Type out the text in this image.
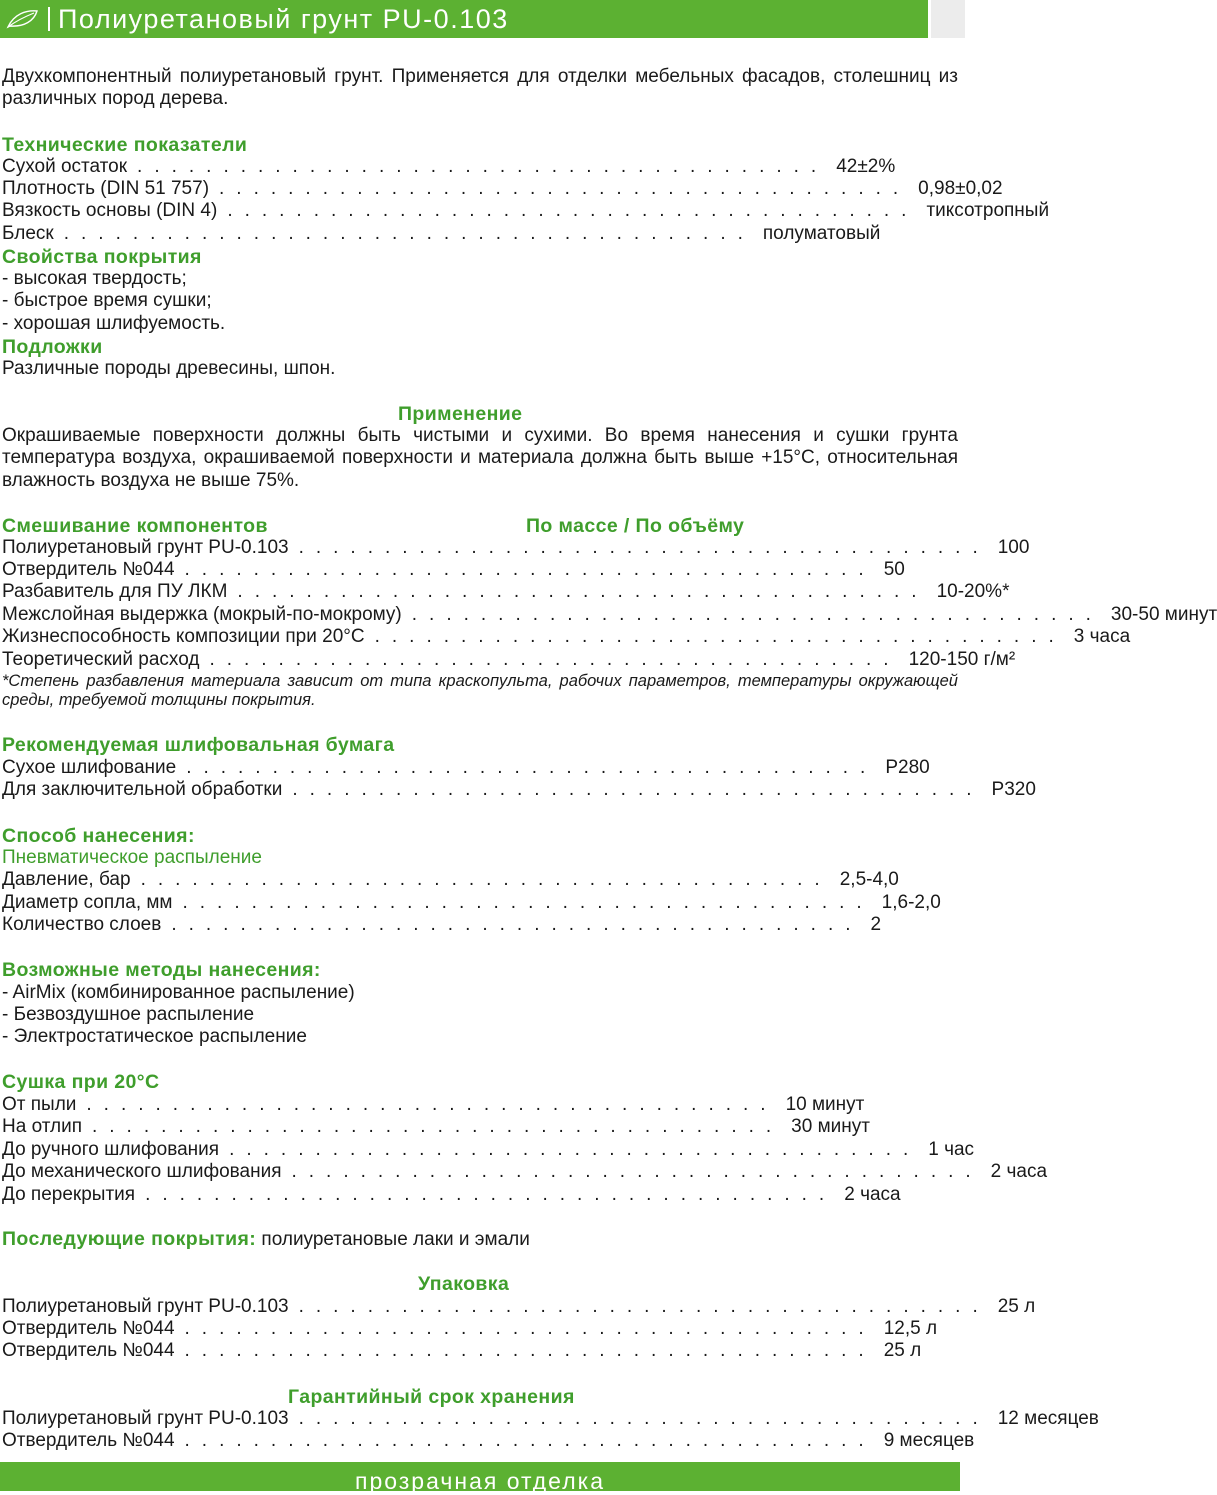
Полиуретановый грунт PU-0.103
Двухкомпонентный полиуретановый грунт. Применяется для отделки мебельных фасадов, столешниц из различных пород дерева.
Технические показатели
Сухой остаток ........................................ 42±2%
Плотность (DIN 51 757) ........................................ 0,98±0,02
Вязкость основы (DIN 4) ........................................ тиксотропный
Блеск ........................................ полуматовый
Свойства покрытия
- высокая твердость;
- быстрое время сушки;
- хорошая шлифуемость.
Подложки
Различные породы древесины, шпон.
Применение
Окрашиваемые поверхности должны быть чистыми и сухими. Во время нанесения и сушки грунта температура воздуха, окрашиваемой поверхности и материала должна быть выше +15°С, относительная влажность воздуха не выше 75%.
Смешивание компонентов	По массе / По объёму
Полиуретановый грунт PU-0.103 ........................................ 100
Отвердитель №044 ........................................ 50
Разбавитель для ПУ ЛКМ ........................................ 10-20%*
Межслойная выдержка (мокрый-по-мокрому) ........................................ 30-50 минут
Жизнеспособность композиции при 20°С ........................................ 3 часа
Теоретический расход ........................................ 120-150 г/м²
*Степень разбавления материала зависит от типа краскопульта, рабочих параметров, температуры окружающей среды, требуемой толщины покрытия.
Рекомендуемая шлифовальная бумага
Сухое шлифование ........................................ P280
Для заключительной обработки ........................................ P320
Способ нанесения:
Пневматическое распыление
Давление, бар ........................................ 2,5-4,0
Диаметр сопла, мм ........................................ 1,6-2,0
Количество слоев ........................................ 2
Возможные методы нанесения:
- AirMix (комбинированное распыление)
- Безвоздушное распыление
- Электростатическое распыление
Сушка при 20°С
От пыли ........................................ 10 минут
На отлип ........................................ 30 минут
До ручного шлифования ........................................ 1 час
До механического шлифования ........................................ 2 часа
До перекрытия ........................................ 2 часа
Последующие покрытия: полиуретановые лаки и эмали
Упаковка
Полиуретановый грунт PU-0.103 ........................................ 25 л
Отвердитель №044 ........................................ 12,5 л
Отвердитель №044 ........................................ 25 л
Гарантийный срок хранения
Полиуретановый грунт PU-0.103 ........................................ 12 месяцев
Отвердитель №044 ........................................ 9 месяцев
прозрачная отделка
